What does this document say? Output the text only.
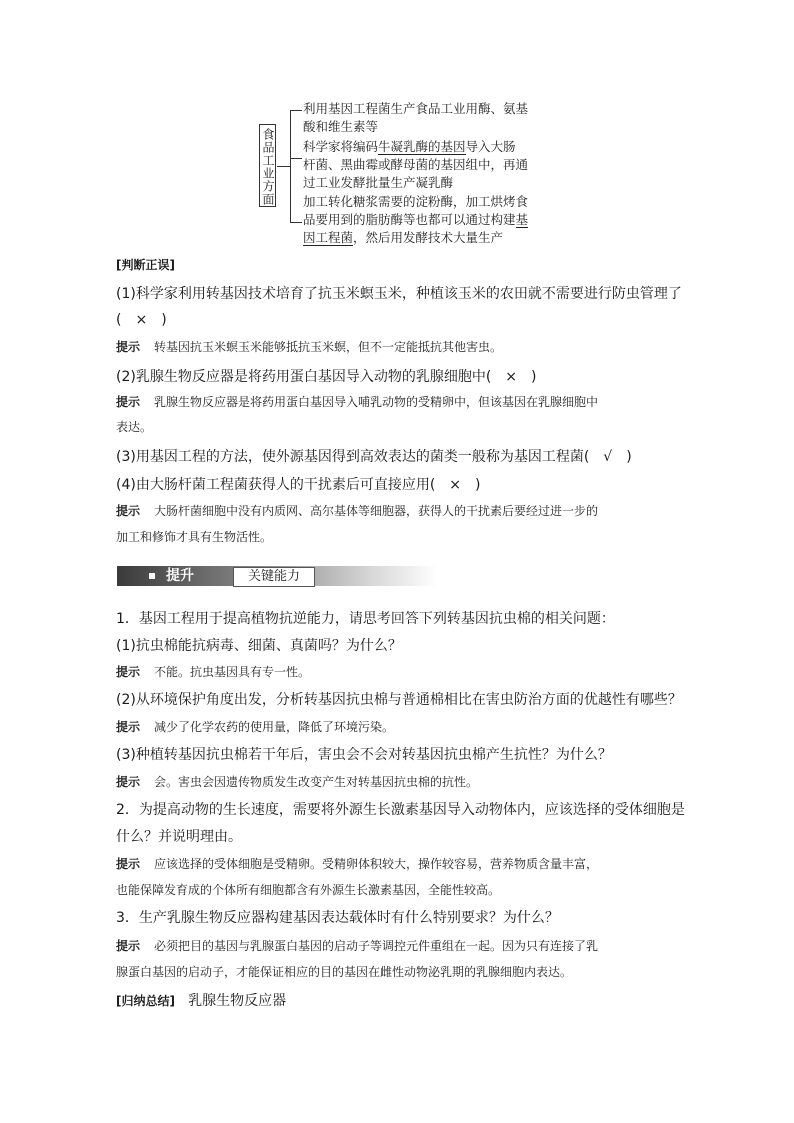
食品工业方面
利用基因工程菌生产食品工业用酶、氨基
酸和维生素等
科学家将编码牛凝乳酶的基因导入大肠
杆菌、黑曲霉或酵母菌的基因组中，再通
过工业发酵批量生产凝乳酶
加工转化糖浆需要的淀粉酶，加工烘烤食
品要用到的脂肪酶等也都可以通过构建基
因工程菌，然后用发酵技术大量生产
[判断正误]
(1)科学家利用转基因技术培育了抗玉米螟玉米，种植该玉米的农田就不需要进行防虫管理了
(　×　)
提示 转基因抗玉米螟玉米能够抵抗玉米螟，但不一定能抵抗其他害虫。
(2)乳腺生物反应器是将药用蛋白基因导入动物的乳腺细胞中(　×　)
提示 乳腺生物反应器是将药用蛋白基因导入哺乳动物的受精卵中，但该基因在乳腺细胞中
表达。
(3)用基因工程的方法，使外源基因得到高效表达的菌类一般称为基因工程菌(　√　)
(4)由大肠杆菌工程菌获得人的干扰素后可直接应用(　×　)
提示 大肠杆菌细胞中没有内质网、高尔基体等细胞器，获得人的干扰素后要经过进一步的
加工和修饰才具有生物活性。
提升	关键能力
1．基因工程用于提高植物抗逆能力，请思考回答下列转基因抗虫棉的相关问题：
(1)抗虫棉能抗病毒、细菌、真菌吗？为什么？
提示 不能。抗虫基因具有专一性。
(2)从环境保护角度出发，分析转基因抗虫棉与普通棉相比在害虫防治方面的优越性有哪些？
提示 减少了化学农药的使用量，降低了环境污染。
(3)种植转基因抗虫棉若干年后，害虫会不会对转基因抗虫棉产生抗性？为什么？
提示 会。害虫会因遗传物质发生改变产生对转基因抗虫棉的抗性。
2．为提高动物的生长速度，需要将外源生长激素基因导入动物体内，应该选择的受体细胞是
什么？并说明理由。
提示 应该选择的受体细胞是受精卵。受精卵体积较大，操作较容易，营养物质含量丰富，
也能保障发育成的个体所有细胞都含有外源生长激素基因，全能性较高。
3．生产乳腺生物反应器构建基因表达载体时有什么特别要求？为什么？
提示 必须把目的基因与乳腺蛋白基因的启动子等调控元件重组在一起。因为只有连接了乳
腺蛋白基因的启动子，才能保证相应的目的基因在雌性动物泌乳期的乳腺细胞内表达。
[归纳总结] 乳腺生物反应器
